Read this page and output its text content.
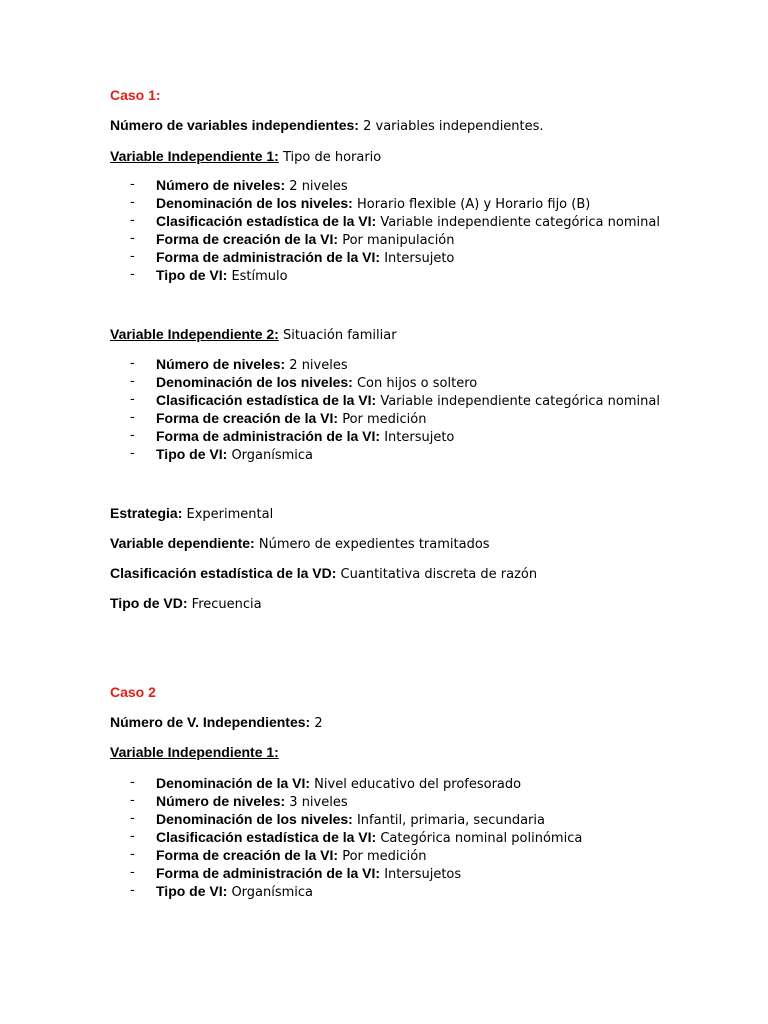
Caso 1:
Número de variables independientes: 2 variables independientes.
Variable Independiente 1: Tipo de horario
- Número de niveles: 2 niveles
- Denominación de los niveles: Horario flexible (A) y Horario fijo (B)
- Clasificación estadística de la VI: Variable independiente categórica nominal
- Forma de creación de la VI: Por manipulación
- Forma de administración de la VI: Intersujeto
- Tipo de VI: Estímulo
Variable Independiente 2: Situación familiar
- Número de niveles: 2 niveles
- Denominación de los niveles: Con hijos o soltero
- Clasificación estadística de la VI: Variable independiente categórica nominal
- Forma de creación de la VI: Por medición
- Forma de administración de la VI: Intersujeto
- Tipo de VI: Organísmica
Estrategia: Experimental
Variable dependiente: Número de expedientes tramitados
Clasificación estadística de la VD: Cuantitativa discreta de razón
Tipo de VD: Frecuencia
Caso 2
Número de V. Independientes: 2
Variable Independiente 1:
- Denominación de la VI: Nivel educativo del profesorado
- Número de niveles: 3 niveles
- Denominación de los niveles: Infantil, primaria, secundaria
- Clasificación estadística de la VI: Categórica nominal polinómica
- Forma de creación de la VI: Por medición
- Forma de administración de la VI: Intersujetos
- Tipo de VI: Organísmica
